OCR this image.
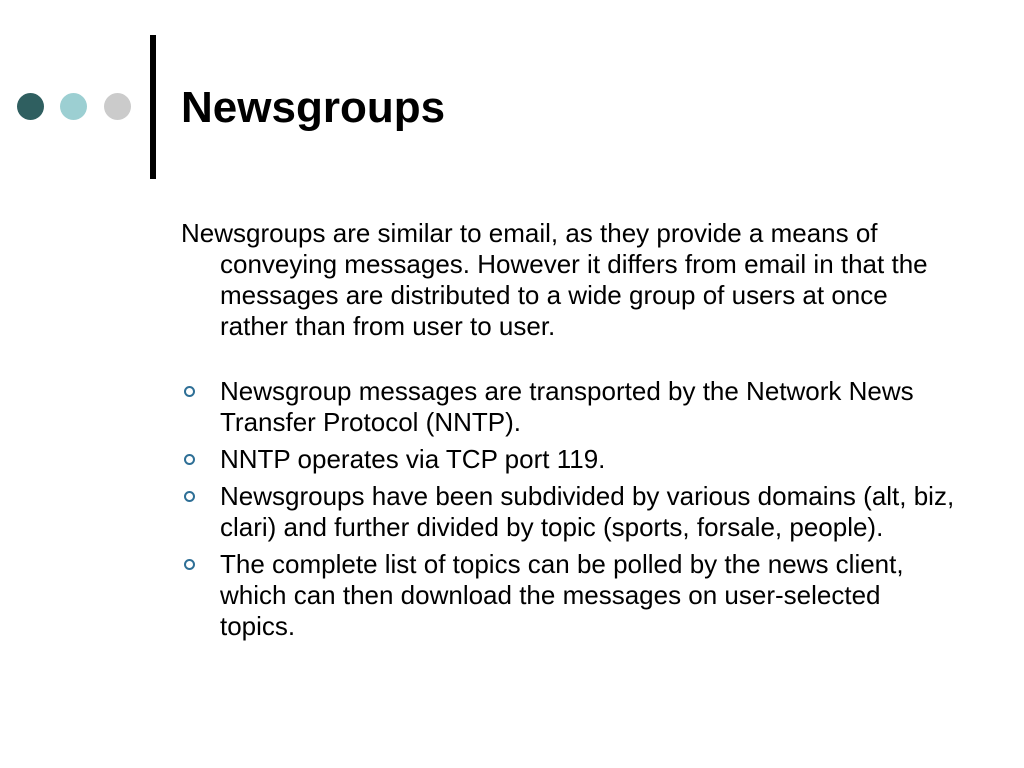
Newsgroups

Newsgroups are similar to email, as they provide a means of conveying messages. However it differs from email in that the messages are distributed to a wide group of users at once rather than from user to user.

Newsgroup messages are transported by the Network News Transfer Protocol (NNTP).
NNTP operates via TCP port 119.
Newsgroups have been subdivided by various domains (alt, biz, clari) and further divided by topic (sports, forsale, people).
The complete list of topics can be polled by the news client, which can then download the messages on user-selected topics.
